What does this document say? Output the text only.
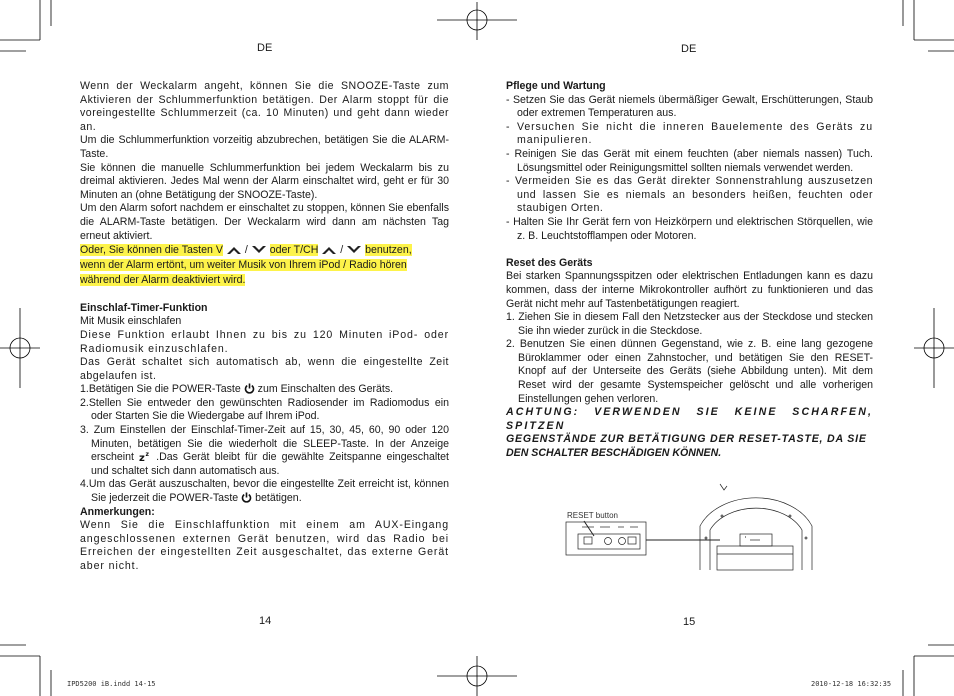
DE	DE

Wenn der Weckalarm angeht, können Sie die SNOOZE-Taste zum Aktivieren der Schlummerfunktion betätigen. Der Alarm stoppt für die voreingestellte Schlummerzeit (ca. 10 Minuten) und geht dann wieder an.

Um die Schlummerfunktion vorzeitig abzubrechen, betätigen Sie die ALARM-Taste.

Sie können die manuelle Schlummerfunktion bei jedem Weckalarm bis zu dreimal aktivieren. Jedes Mal wenn der Alarm einschaltet wird, geht er für 30 Minuten an (ohne Betätigung der SNOOZE-Taste).

Um den Alarm sofort nachdem er einschaltet zu stoppen, können Sie ebenfalls die ALARM-Taste betätigen. Der Weckalarm wird dann am nächsten Tag erneut aktiviert.

Oder, Sie können die Tasten V / oder T/CH / benutzen,
wenn der Alarm ertönt, um weiter Musik von Ihrem iPod / Radio hören
während der Alarm deaktiviert wird.

Einschlaf-Timer-Funktion

Mit Musik einschlafen

Diese Funktion erlaubt Ihnen zu bis zu 120 Minuten iPod- oder Radiomusik einzuschlafen.

Das Gerät schaltet sich automatisch ab, wenn die eingestellte Zeit abgelaufen ist.

1.Betätigen Sie die POWER-Taste zum Einschalten des Geräts.

2.Stellen Sie entweder den gewünschten Radiosender im Radiomodus ein oder Starten Sie die Wiedergabe auf Ihrem iPod.

3. Zum Einstellen der Einschlaf-Timer-Zeit auf 15, 30, 45, 60, 90 oder 120 Minuten, betätigen Sie die wiederholt die SLEEP-Taste. In der Anzeige erscheint z z .Das Gerät bleibt für die gewählte Zeitspanne eingeschaltet und schaltet sich dann automatisch aus.

4.Um das Gerät auszuschalten, bevor die eingestellte Zeit erreicht ist, können Sie jederzeit die POWER-Taste betätigen.

Anmerkungen:

Wenn Sie die Einschlaffunktion mit einem am AUX-Eingang angeschlossenen externen Gerät benutzen, wird das Radio bei Erreichen der eingestellten Zeit ausgeschaltet, das externe Gerät aber nicht.

Pflege und Wartung

- Setzen Sie das Gerät niemels übermäßiger Gewalt, Erschütterungen, Staub oder extremen Temperaturen aus.

- Versuchen Sie nicht die inneren Bauelemente des Geräts zu manipulieren.

- Reinigen Sie das Gerät mit einem feuchten (aber niemals nassen) Tuch. Lösungsmittel oder Reinigungsmittel sollten niemals verwendet werden.

- Vermeiden Sie es das Gerät direkter Sonnenstrahlung auszusetzen und lassen Sie es niemals an besonders heißen, feuchten oder staubigen Orten.

- Halten Sie Ihr Gerät fern von Heizkörpern und elektrischen Störquellen, wie z. B. Leuchtstofflampen oder Motoren.

Reset des Geräts

Bei starken Spannungsspitzen oder elektrischen Entladungen kann es dazu kommen, dass der interne Mikrokontroller aufhört zu funktionieren und das Gerät nicht mehr auf Tastenbetätigungen reagiert.

1. Ziehen Sie in diesem Fall den Netzstecker aus der Steckdose und stecken Sie ihn wieder zurück in die Steckdose.

2. Benutzen Sie einen dünnen Gegenstand, wie z. B. eine lang gezogene Büroklammer oder einen Zahnstocher, und betätigen Sie den RESET-Knopf auf der Unterseite des Geräts (siehe Abbildung unten). Mit dem Reset wird der gesamte Systemspeicher gelöscht und alle vorherigen Einstellungen gehen verloren.

ACHTUNG: VERWENDEN SIE KEINE SCHARFEN, SPITZEN
GEGENSTÄNDE ZUR BETÄTIGUNG DER RESET-TASTE, DA SIE
DEN SCHALTER BESCHÄDIGEN KÖNNEN.

RESET button
14	15
IPD5200 iB.indd 14-15	2010-12-18 16:32:35
